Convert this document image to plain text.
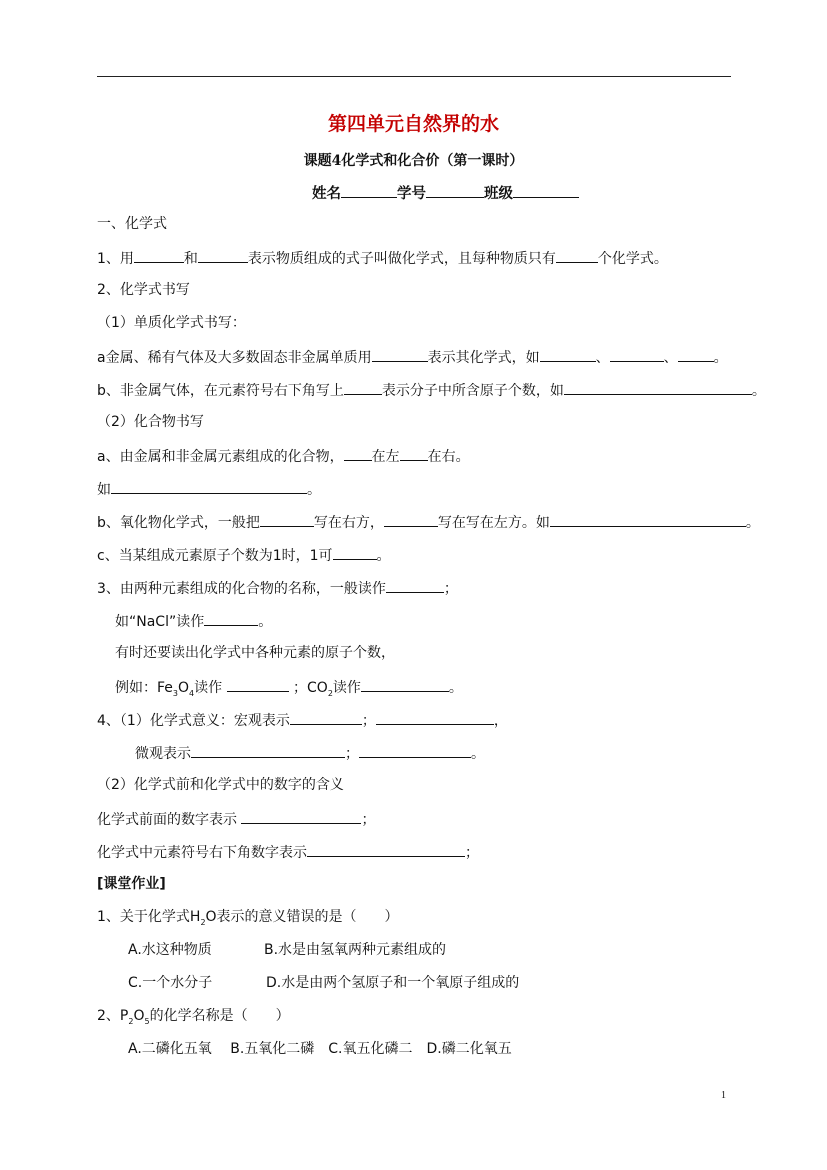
第四单元自然界的水
课题4化学式和化合价（第一课时）
姓名	学号	班级
一、化学式
1、用	和	表示物质组成的式子叫做化学式，且每种物质只有	个化学式。
2、化学式书写
（1）单质化学式书写：
a金属、稀有气体及大多数固态非金属单质用	表示其化学式，如	、	、	。
b、非金属气体，在元素符号右下角写上	表示分子中所含原子个数，如	。
（2）化合物书写
a、由金属和非金属元素组成的化合物， 在左 在右。
如	。
b、氧化物化学式，一般把	写在右方，	写在写在左方。如	。
c、当某组成元素原子个数为1时，1可	。
3、由两种元素组成的化合物的名称，一般读作	；
如“NaCl”读作	。
有时还要读出化学式中各种元素的原子个数，
例如：$Fe_3O_4$读作	；$CO_2$读作	。
4、（1）化学式意义：宏观表示	；	，
微观表示	；	。
（2）化学式前和化学式中的数字的含义
化学式前面的数字表示	；
化学式中元素符号右下角数字表示	；
[课堂作业]
1、关于化学式$H_2O$表示的意义错误的是（　　）
A.水这种物质	B.水是由氢氧两种元素组成的
C.一个水分子	D.水是由两个氢原子和一个氧原子组成的
2、$P_2O_5$的化学名称是（　　）
A.二磷化五氧　 B.五氧化二磷　C.氧五化磷二　D.磷二化氧五
1
